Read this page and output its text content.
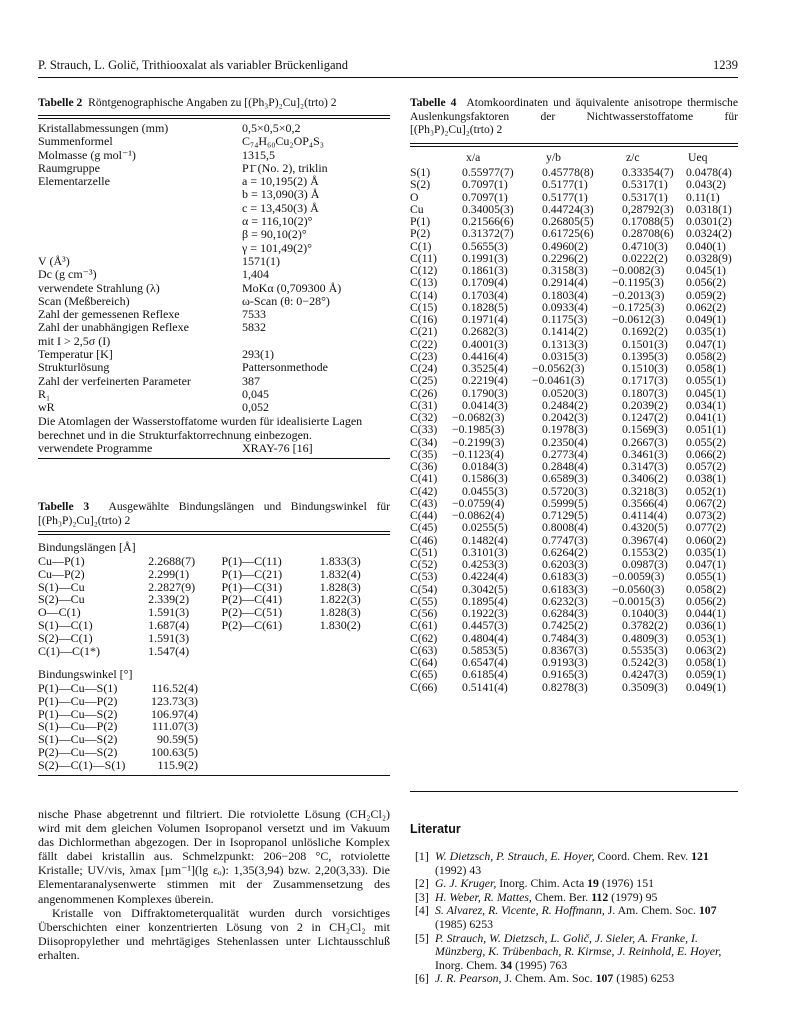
P. Strauch, L. Golič, Trithiooxalat als variabler Brückenligand	1239
Tabelle 2 Röntgenographische Angaben zu [(Ph₃P)₂Cu]₂(trto) 2
Kristallabmessungen (mm)	0,5×0,5×0,2
Summenformel	C₇₄H₆₀Cu₂OP₄S₃
Molmasse (g mol⁻¹)	1315,5
Raumgruppe	P1̄ (No. 2), triklin
Elementarzelle	a = 10,195(2) Å
	b = 13,090(3) Å
	c = 13,450(3) Å
	α = 116,10(2)°
	β = 90,10(2)°
	γ = 101,49(2)°
V (Å³)	1571(1)
Dc (g cm⁻³)	1,404
verwendete Strahlung (λ)	MoKα (0,709300 Å)
Scan (Meßbereich)	ω-Scan (θ: 0−28°)
Zahl der gemessenen Reflexe	7533
Zahl der unabhängigen Reflexe	5832
mit I > 2,5σ (I)	
Temperatur [K]	293(1)
Strukturlösung	Pattersonmethode
Zahl der verfeinerten Parameter	387
R₁	0,045
wR	0,052
Die Atomlagen der Wasserstoffatome wurden für idealisierte Lagen berechnet und in die Strukturfaktorrechnung einbezogen.
verwendete Programme	XRAY-76 [16]
Tabelle 3 Ausgewählte Bindungslängen und Bindungswinkel für [(Ph₃P)₂Cu]₂(trto) 2
Bindungslängen [Å]
Cu—P(1)	2.2688(7)	P(1)—C(11)	1.833(3)
Cu—P(2)	2.299(1)	P(1)—C(21)	1.832(4)
S(1)—Cu	2.2827(9)	P(1)—C(31)	1.828(3)
S(2)—Cu	2.339(2)	P(2)—C(41)	1.822(3)
O—C(1)	1.591(3)	P(2)—C(51)	1.828(3)
S(1)—C(1)	1.687(4)	P(2)—C(61)	1.830(2)
S(2)—C(1)	1.591(3)		
C(1)—C(1*)	1.547(4)		
Bindungswinkel [°]
P(1)—Cu—S(1)	116.52(4)
P(1)—Cu—P(2)	123.73(3)
P(1)—Cu—S(2)	106.97(4)
S(1)—Cu—P(2)	111.07(3)
S(1)—Cu—S(2)	90.59(5)
P(2)—Cu—S(2)	100.63(5)
S(2)—C(1)—S(1)	115.9(2)

nische Phase abgetrennt und filtriert. Die rotviolette Lösung (CH₂Cl₂) wird mit dem gleichen Volumen Isopropanol versetzt und im Vakuum das Dichlormethan abgezogen. Der in Isopropanol unlösliche Komplex fällt dabei kristallin aus. Schmelzpunkt: 206−208 °C, rotviolette Kristalle; UV/vis, λmax [µm⁻¹](lg εₒ): 1,35(3,94) bzw. 2,20(3,33). Die Elementaranalysenwerte stimmen mit der Zusammensetzung des angenommenen Komplexes überein.

Kristalle von Diffraktometerqualität wurden durch vorsichtiges Überschichten einer konzentrierten Lösung von 2 in CH₂Cl₂ mit Diisopropylether und mehrtägiges Stehenlassen unter Lichtausschluß erhalten.

Tabelle 4 Atomkoordinaten und äquivalente anisotrope thermische Auslenkungsfaktoren der Nichtwasserstoffatome für [(Ph₃P)₂Cu]₂(trto) 2
	x/a	y/b	z/c	Ueq
S(1)	0.55977(7)	0.45778(8)	0.33354(7)	0.0478(4)
S(2)	0.7097(1)	0.5177(1)	0.5317(1)	0.043(2)
O	0.7097(1)	0.5177(1)	0.5317(1)	0.11(1)
Cu	0.34005(3)	0.44724(3)	0,28792(3)	0.0318(1)
P(1)	0.21566(6)	0.26805(5)	0.17088(5)	0.0301(2)
P(2)	0.31372(7)	0.61725(6)	0.28708(6)	0.0324(2)
C(1)	0.5655(3)	0.4960(2)	0.4710(3)	0.040(1)
C(11)	0.1991(3)	0.2296(2)	0.0222(2)	0.0328(9)
C(12)	0.1861(3)	0.3158(3)	−0.0082(3)	0.045(1)
C(13)	0.1709(4)	0.2914(4)	−0.1195(3)	0.056(2)
C(14)	0.1703(4)	0.1803(4)	−0.2013(3)	0.059(2)
C(15)	0.1828(5)	0.0933(4)	−0.1725(3)	0.062(2)
C(16)	0.1971(4)	0.1175(3)	−0.0612(3)	0.049(1)
C(21)	0.2682(3)	0.1414(2)	0.1692(2)	0.035(1)
C(22)	0.4001(3)	0.1313(3)	0.1501(3)	0.047(1)
C(23)	0.4416(4)	0.0315(3)	0.1395(3)	0.058(2)
C(24)	0.3525(4)	−0.0562(3)	0.1510(3)	0.058(1)
C(25)	0.2219(4)	−0.0461(3)	0.1717(3)	0.055(1)
C(26)	0.1790(3)	0.0520(3)	0.1807(3)	0.045(1)
C(31)	0.0414(3)	0.2484(2)	0.2039(2)	0.034(1)
C(32)	−0.0682(3)	0.2042(3)	0.1247(2)	0.041(1)
C(33)	−0.1985(3)	0.1978(3)	0.1569(3)	0.051(1)
C(34)	−0.2199(3)	0.2350(4)	0.2667(3)	0.055(2)
C(35)	−0.1123(4)	0.2773(4)	0.3461(3)	0.066(2)
C(36)	0.0184(3)	0.2848(4)	0.3147(3)	0.057(2)
C(41)	0.1586(3)	0.6589(3)	0.3406(2)	0.038(1)
C(42)	0.0455(3)	0.5720(3)	0.3218(3)	0.052(1)
C(43)	−0.0759(4)	0.5999(5)	0.3566(4)	0.067(2)
C(44)	−0.0862(4)	0.7129(5)	0.4114(4)	0.073(2)
C(45)	0.0255(5)	0.8008(4)	0.4320(5)	0.077(2)
C(46)	0.1482(4)	0.7747(3)	0.3967(4)	0.060(2)
C(51)	0.3101(3)	0.6264(2)	0.1553(2)	0.035(1)
C(52)	0.4253(3)	0.6203(3)	0.0987(3)	0.047(1)
C(53)	0.4224(4)	0.6183(3)	−0.0059(3)	0.055(1)
C(54)	0.3042(5)	0.6183(3)	−0.0560(3)	0.058(2)
C(55)	0.1895(4)	0.6232(3)	−0.0015(3)	0.056(2)
C(56)	0.1922(3)	0.6284(3)	0.1040(3)	0.044(1)
C(61)	0.4457(3)	0.7425(2)	0.3782(2)	0.036(1)
C(62)	0.4804(4)	0.7484(3)	0.4809(3)	0.053(1)
C(63)	0.5853(5)	0.8367(3)	0.5535(3)	0.063(2)
C(64)	0.6547(4)	0.9193(3)	0.5242(3)	0.058(1)
C(65)	0.6185(4)	0.9165(3)	0.4247(3)	0.059(1)
C(66)	0.5141(4)	0.8278(3)	0.3509(3)	0.049(1)
Literatur
[1] W. Dietzsch, P. Strauch, E. Hoyer, Coord. Chem. Rev. 121 (1992) 43
[2] G. J. Kruger, Inorg. Chim. Acta 19 (1976) 151
[3] H. Weber, R. Mattes, Chem. Ber. 112 (1979) 95
[4] S. Alvarez, R. Vicente, R. Hoffmann, J. Am. Chem. Soc. 107 (1985) 6253
[5] P. Strauch, W. Dietzsch, L. Golič, J. Sieler, A. Franke, I. Münzberg, K. Trübenbach, R. Kirmse, J. Reinhold, E. Hoyer, Inorg. Chem. 34 (1995) 763
[6] J. R. Pearson, J. Chem. Am. Soc. 107 (1985) 6253
